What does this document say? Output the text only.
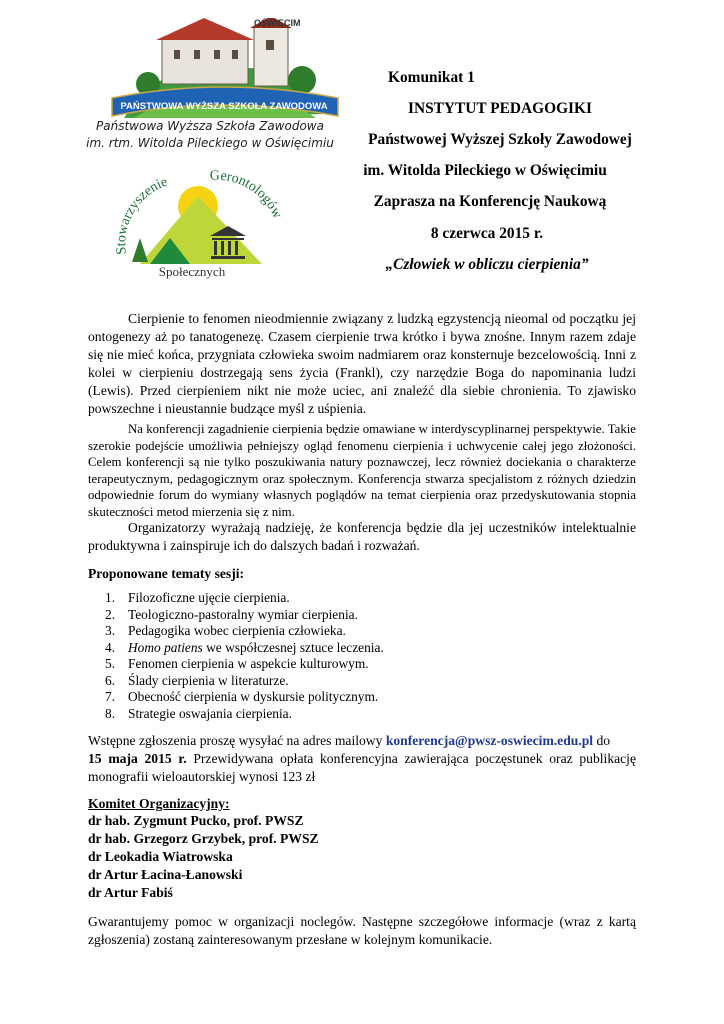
OŚWIĘCIM
PAŃSTWOWA WYŻSZA SZKOŁA ZAWODOWA
Państwowa Wyższa Szkoła Zawodowa
im. rtm. Witolda Pileckiego w Oświęcimiu
Stowarzyszenie	Gerontologów
Społecznych
Komunikat 1
INSTYTUT PEDAGOGIKI
Państwowej Wyższej Szkoły Zawodowej
im. Witolda Pileckiego w Oświęcimiu
Zaprasza na Konferencję Naukową
8 czerwca 2015 r.
„Człowiek w obliczu cierpienia”
Cierpienie to fenomen nieodmiennie związany z ludzką egzystencją nieomal od początku jej ontogenezy aż po tanatogenezę. Czasem cierpienie trwa krótko i bywa znośne. Innym razem zdaje się nie mieć końca, przygniata człowieka swoim nadmiarem oraz konsternuje bezcelowością. Inni z kolei w cierpieniu dostrzegają sens życia (Frankl), czy narzędzie Boga do napominania ludzi (Lewis). Przed cierpieniem nikt nie może uciec, ani znaleźć dla siebie chronienia. To zjawisko powszechne i nieustannie budzące myśl z uśpienia.
Na konferencji zagadnienie cierpienia będzie omawiane w interdyscyplinarnej perspektywie. Takie szerokie podejście umożliwia pełniejszy ogląd fenomenu cierpienia i uchwycenie całej jego złożoności. Celem konferencji są nie tylko poszukiwania natury poznawczej, lecz również dociekania o charakterze terapeutycznym, pedagogicznym oraz społecznym. Konferencja stwarza specjalistom z różnych dziedzin odpowiednie forum do wymiany własnych poglądów na temat cierpienia oraz przedyskutowania stopnia skuteczności metod mierzenia się z nim.
Organizatorzy wyrażają nadzieję, że konferencja będzie dla jej uczestników intelektualnie produktywna i zainspiruje ich do dalszych badań i rozważań.
Proponowane tematy sesji:
1. Filozoficzne ujęcie cierpienia.
2. Teologiczno-pastoralny wymiar cierpienia.
3. Pedagogika wobec cierpienia człowieka.
4. Homo patiens we współczesnej sztuce leczenia.
5. Fenomen cierpienia w aspekcie kulturowym.
6. Ślady cierpienia w literaturze.
7. Obecność cierpienia w dyskursie politycznym.
8. Strategie oswajania cierpienia.
Wstępne zgłoszenia proszę wysyłać na adres mailowy konferencja@pwsz-oswiecim.edu.pl do
15 maja 2015 r. Przewidywana opłata konferencyjna zawierająca poczęstunek oraz publikację monografii wieloautorskiej wynosi 123 zł
Komitet Organizacyjny:
dr hab. Zygmunt Pucko, prof. PWSZ
dr hab. Grzegorz Grzybek, prof. PWSZ
dr Leokadia Wiatrowska
dr Artur Łacina-Łanowski
dr Artur Fabiś
Gwarantujemy pomoc w organizacji noclegów. Następne szczegółowe informacje (wraz z kartą zgłoszenia) zostaną zainteresowanym przesłane w kolejnym komunikacie.
